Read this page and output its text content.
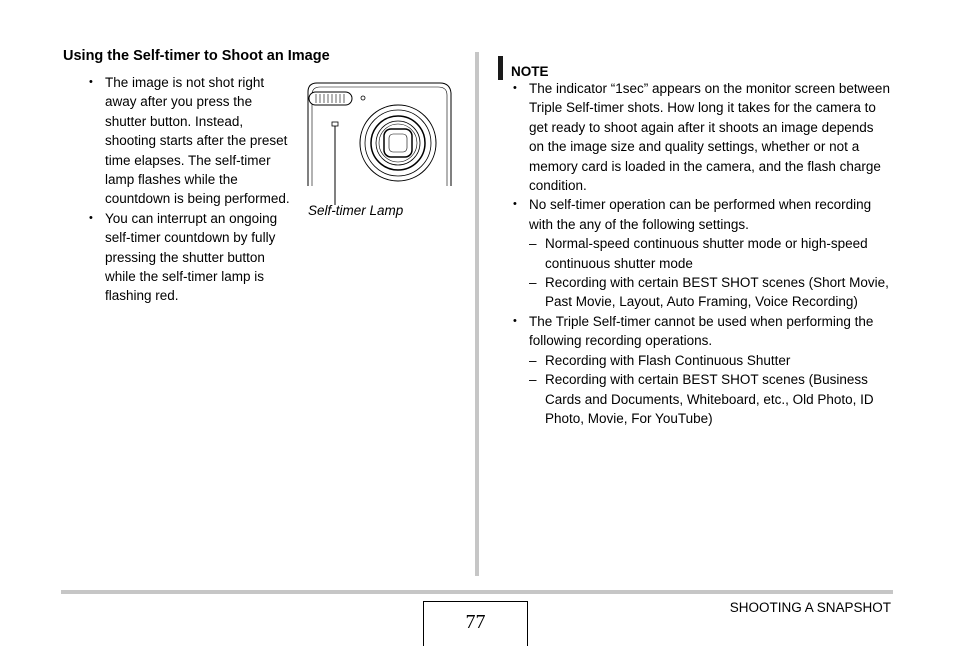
Using the Self-timer to Shoot an Image
• The image is not shot right away after you press the shutter button. Instead, shooting starts after the preset time elapses. The self-timer lamp flashes while the countdown is being performed.
• You can interrupt an ongoing self-timer countdown by fully pressing the shutter button while the self-timer lamp is flashing red.
Self-timer Lamp
NOTE
• The indicator “1sec” appears on the monitor screen between Triple Self-timer shots. How long it takes for the camera to get ready to shoot again after it shoots an image depends on the image size and quality settings, whether or not a memory card is loaded in the camera, and the flash charge condition.
• No self-timer operation can be performed when recording with the any of the following settings.
– Normal-speed continuous shutter mode or high-speed continuous shutter mode
– Recording with certain BEST SHOT scenes (Short Movie, Past Movie, Layout, Auto Framing, Voice Recording)
• The Triple Self-timer cannot be used when performing the following recording operations.
– Recording with Flash Continuous Shutter
– Recording with certain BEST SHOT scenes (Business Cards and Documents, Whiteboard, etc., Old Photo, ID Photo, Movie, For YouTube)
77
SHOOTING A SNAPSHOT
